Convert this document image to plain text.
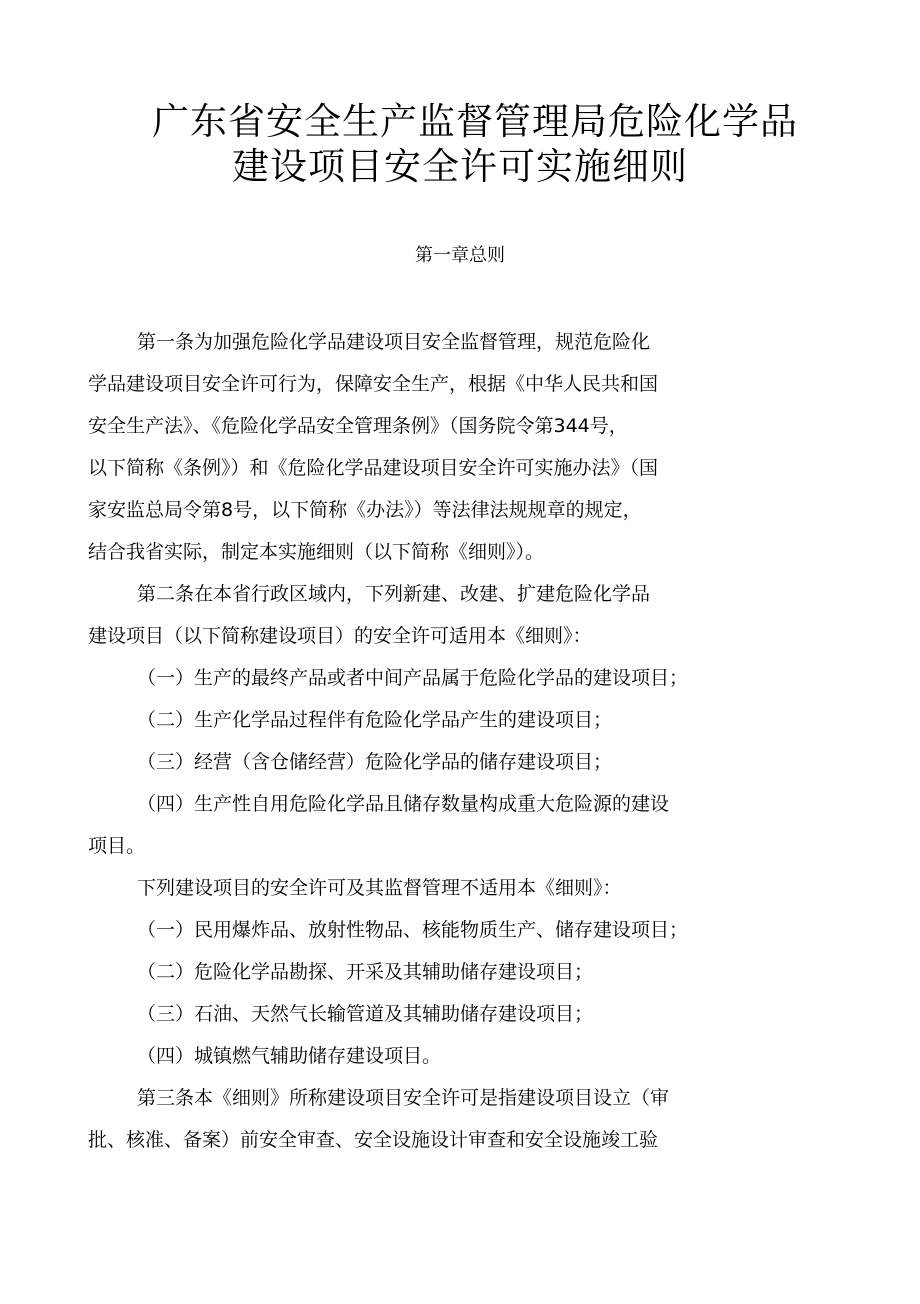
广东省安全生产监督管理局危险化学品
建设项目安全许可实施细则
第一章总则
第一条为加强危险化学品建设项目安全监督管理，规范危险化
学品建设项目安全许可行为，保障安全生产，根据《中华人民共和国
安全生产法》、《危险化学品安全管理条例》（国务院令第344号，
以下简称《条例》）和《危险化学品建设项目安全许可实施办法》（国
家安监总局令第8号，以下简称《办法》）等法律法规规章的规定，
结合我省实际，制定本实施细则（以下简称《细则》）。
第二条在本省行政区域内，下列新建、改建、扩建危险化学品
建设项目（以下简称建设项目）的安全许可适用本《细则》：
（一）生产的最终产品或者中间产品属于危险化学品的建设项目；
（二）生产化学品过程伴有危险化学品产生的建设项目；
（三）经营（含仓储经营）危险化学品的储存建设项目；
（四）生产性自用危险化学品且储存数量构成重大危险源的建设
项目。
下列建设项目的安全许可及其监督管理不适用本《细则》：
（一）民用爆炸品、放射性物品、核能物质生产、储存建设项目；
（二）危险化学品勘探、开采及其辅助储存建设项目；
（三）石油、天然气长输管道及其辅助储存建设项目；
（四）城镇燃气辅助储存建设项目。
第三条本《细则》所称建设项目安全许可是指建设项目设立（审
批、核准、备案）前安全审查、安全设施设计审查和安全设施竣工验
